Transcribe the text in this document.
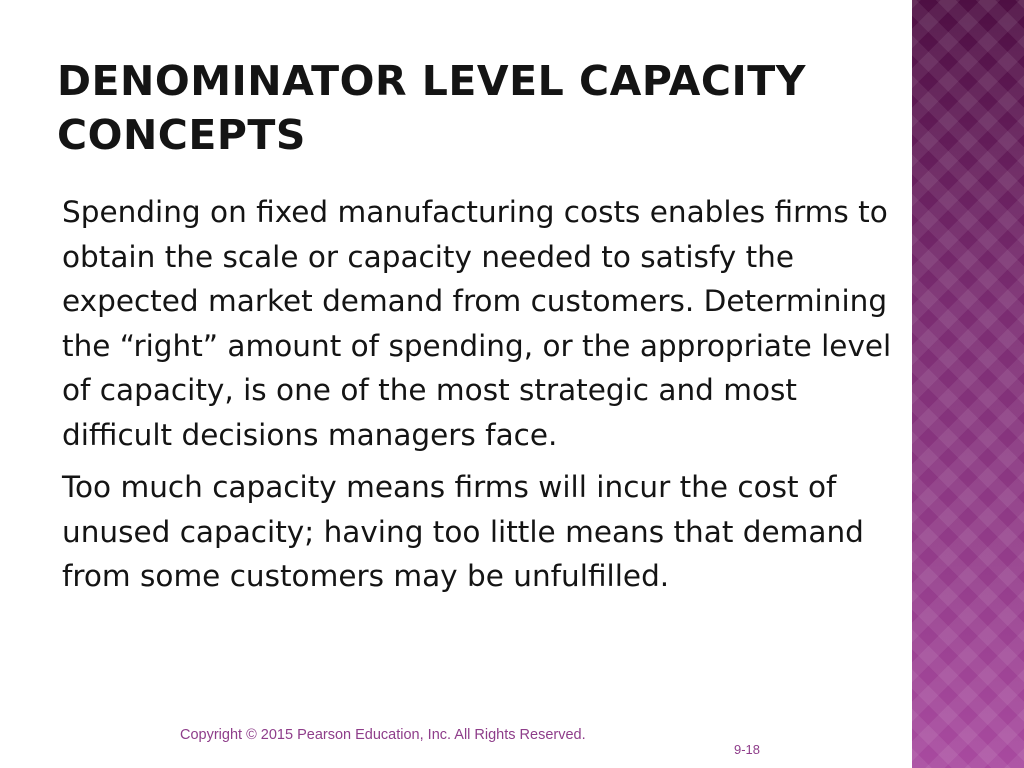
DENOMINATOR LEVEL CAPACITY CONCEPTS

Spending on fixed manufacturing costs enables firms to obtain the scale or capacity needed to satisfy the expected market demand from customers. Determining the “right” amount of spending, or the appropriate level of capacity, is one of the most strategic and most difficult decisions managers face.

Too much capacity means firms will incur the cost of unused capacity; having too little means that demand from some customers may be unfulfilled.

Copyright © 2015 Pearson Education, Inc. All Rights Reserved.
9-18
